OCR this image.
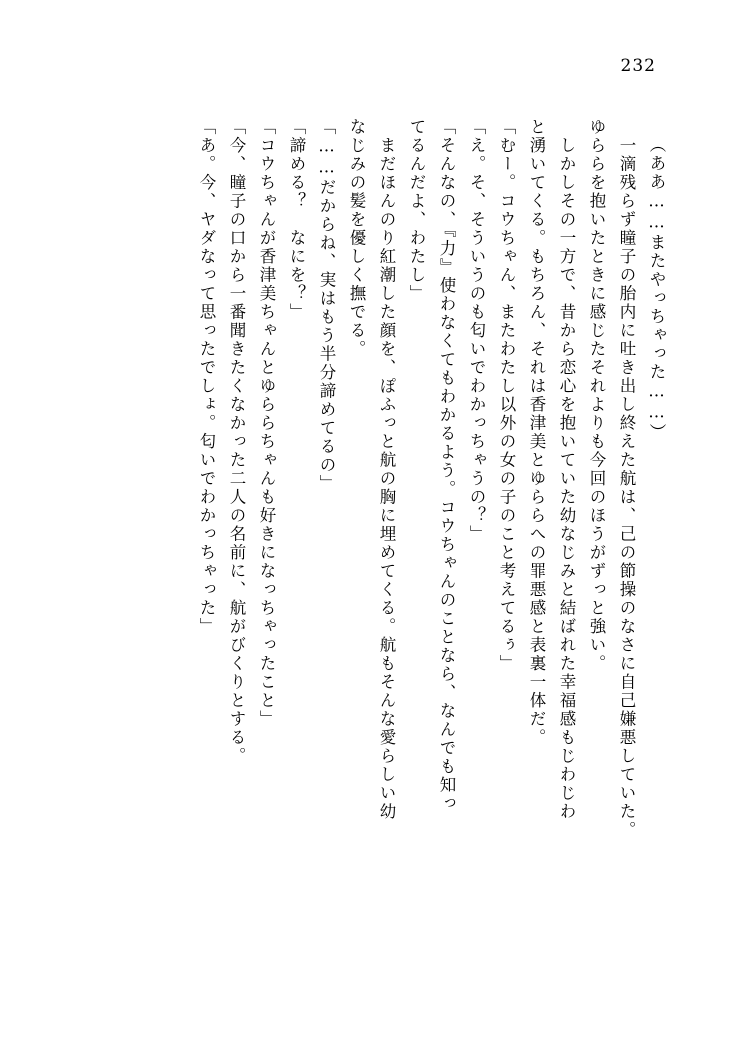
232
（ああ……またやっちゃった……）
　一滴残らず瞳子の胎内に吐き出し終えた航は、己の節操のなさに自己嫌悪していた。
ゆららを抱いたときに感じたそれよりも今回のほうがずっと強い。
　しかしその一方で、昔から恋心を抱いていた幼なじみと結ばれた幸福感もじわじわ
と湧いてくる。もちろん、それは香津美とゆららへの罪悪感と表裏一体だ。
「むー。コウちゃん、またわたし以外の女の子のこと考えてるぅ」
「え。そ、そういうのも匂いでわかっちゃうの？」
「そんなの、『力』使わなくてもわかるよう。コウちゃんのことなら、なんでも知っ
てるんだよ、わたし」
　まだほんのり紅潮した顔を、ぽふっと航の胸に埋めてくる。航もそんな愛らしい幼
なじみの髪を優しく撫でる。
「……だからね、実はもう半分諦めてるの」
「諦める？　なにを？」
「コウちゃんが香津美ちゃんとゆららちゃんも好きになっちゃったこと」
「今、瞳子の口から一番聞きたくなかった二人の名前に、航がびくりとする。
「あ。今、ヤダなって思ったでしょ。匂いでわかっちゃった」
